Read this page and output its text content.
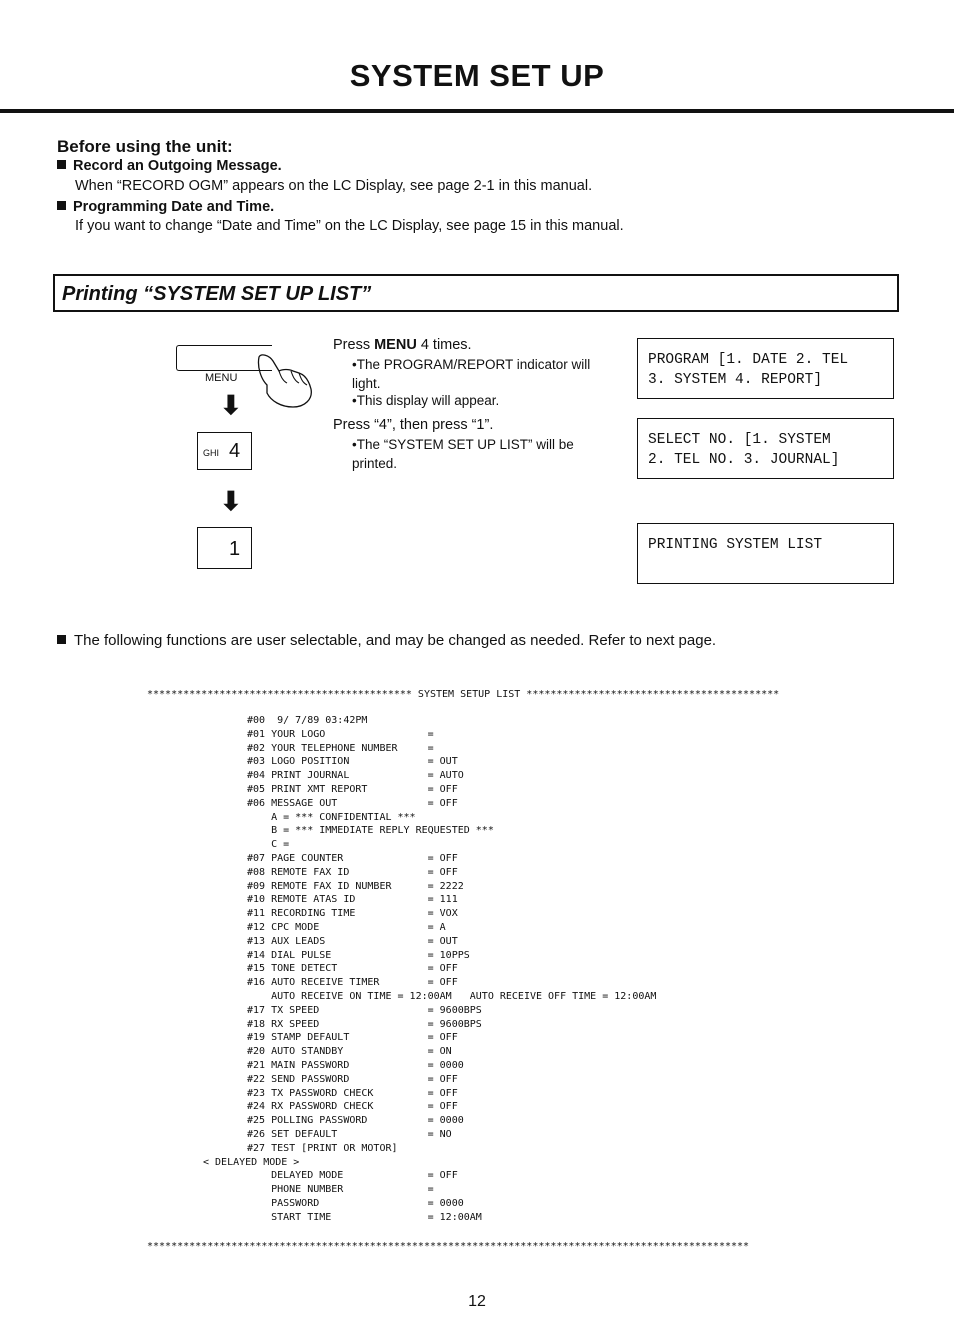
SYSTEM SET UP
Before using the unit:
Record an Outgoing Message.
When “RECORD OGM” appears on the LC Display, see page 2-1 in this manual.
Programming Date and Time.
If you want to change “Date and Time” on the LC Display, see page 15 in this manual.
Printing “SYSTEM SET UP LIST”
MENU
⬇
GHI 4
⬇
1
Press MENU 4 times.
•The PROGRAM/REPORT indicator will light.
•This display will appear.
Press “4”, then press “1”.
•The “SYSTEM SET UP LIST” will be printed.
PROGRAM [1. DATE 2. TEL
3. SYSTEM 4. REPORT]
SELECT NO. [1. SYSTEM
2. TEL NO. 3. JOURNAL]
PRINTING SYSTEM LIST
The following functions are user selectable, and may be changed as needed. Refer to next page.
******************************************** SYSTEM SETUP LIST ******************************************
#00  9/ 7/89 03:42PM
#01 YOUR LOGO                 =
#02 YOUR TELEPHONE NUMBER     =
#03 LOGO POSITION             = OUT
#04 PRINT JOURNAL             = AUTO
#05 PRINT XMT REPORT          = OFF
#06 MESSAGE OUT               = OFF
A = *** CONFIDENTIAL ***
B = *** IMMEDIATE REPLY REQUESTED ***
C =
#07 PAGE COUNTER              = OFF
#08 REMOTE FAX ID             = OFF
#09 REMOTE FAX ID NUMBER      = 2222
#10 REMOTE ATAS ID            = 111
#11 RECORDING TIME            = VOX
#12 CPC MODE                  = A
#13 AUX LEADS                 = OUT
#14 DIAL PULSE                = 10PPS
#15 TONE DETECT               = OFF
#16 AUTO RECEIVE TIMER        = OFF
AUTO RECEIVE ON TIME = 12:00AM   AUTO RECEIVE OFF TIME = 12:00AM
#17 TX SPEED                  = 9600BPS
#18 RX SPEED                  = 9600BPS
#19 STAMP DEFAULT             = OFF
#20 AUTO STANDBY              = ON
#21 MAIN PASSWORD             = 0000
#22 SEND PASSWORD             = OFF
#23 TX PASSWORD CHECK         = OFF
#24 RX PASSWORD CHECK         = OFF
#25 POLLING PASSWORD          = 0000
#26 SET DEFAULT               = NO
#27 TEST [PRINT OR MOTOR]
< DELAYED MODE >
DELAYED MODE              = OFF
PHONE NUMBER              =
PASSWORD                  = 0000
START TIME                = 12:00AM
****************************************************************************************************
12
